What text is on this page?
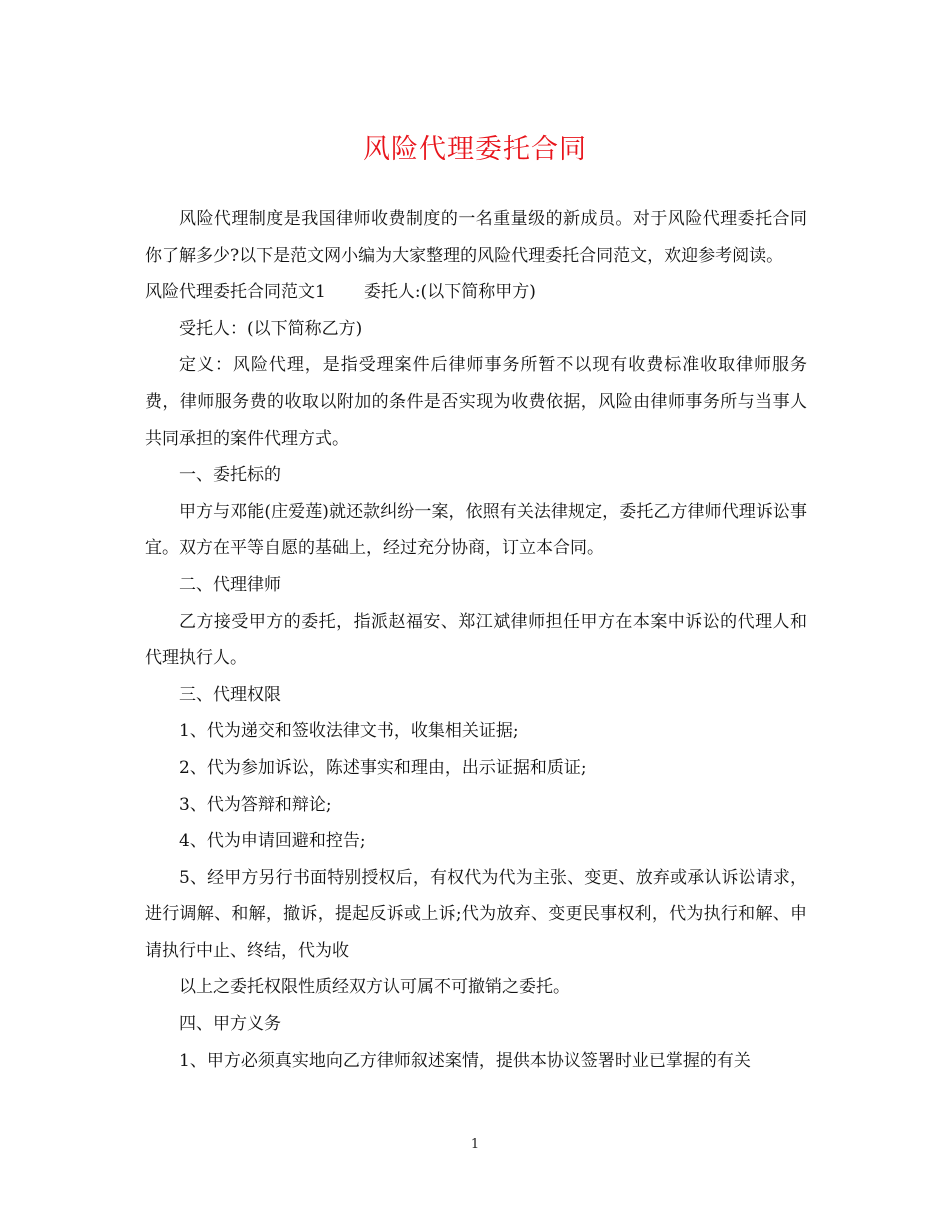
风险代理委托合同

风险代理制度是我国律师收费制度的一名重量级的新成员。对于风险代理委托合同你了解多少?以下是范文网小编为大家整理的风险代理委托合同范文，欢迎参考阅读。

风险代理委托合同范文1 委托人:(以下简称甲方)

受托人：(以下简称乙方)

定义：风险代理，是指受理案件后律师事务所暂不以现有收费标准收取律师服务费，律师服务费的收取以附加的条件是否实现为收费依据，风险由律师事务所与当事人共同承担的案件代理方式。

一、委托标的

甲方与邓能(庄爱莲)就还款纠纷一案，依照有关法律规定，委托乙方律师代理诉讼事宜。双方在平等自愿的基础上，经过充分协商，订立本合同。

二、代理律师

乙方接受甲方的委托，指派赵福安、郑江斌律师担任甲方在本案中诉讼的代理人和代理执行人。

三、代理权限

1、代为递交和签收法律文书，收集相关证据;

2、代为参加诉讼，陈述事实和理由，出示证据和质证;

3、代为答辩和辩论;

4、代为申请回避和控告;

5、经甲方另行书面特别授权后，有权代为代为主张、变更、放弃或承认诉讼请求，进行调解、和解，撤诉，提起反诉或上诉;代为放弃、变更民事权利，代为执行和解、申请执行中止、终结，代为收

以上之委托权限性质经双方认可属不可撤销之委托。

四、甲方义务

1、甲方必须真实地向乙方律师叙述案情，提供本协议签署时业已掌握的有关

1
